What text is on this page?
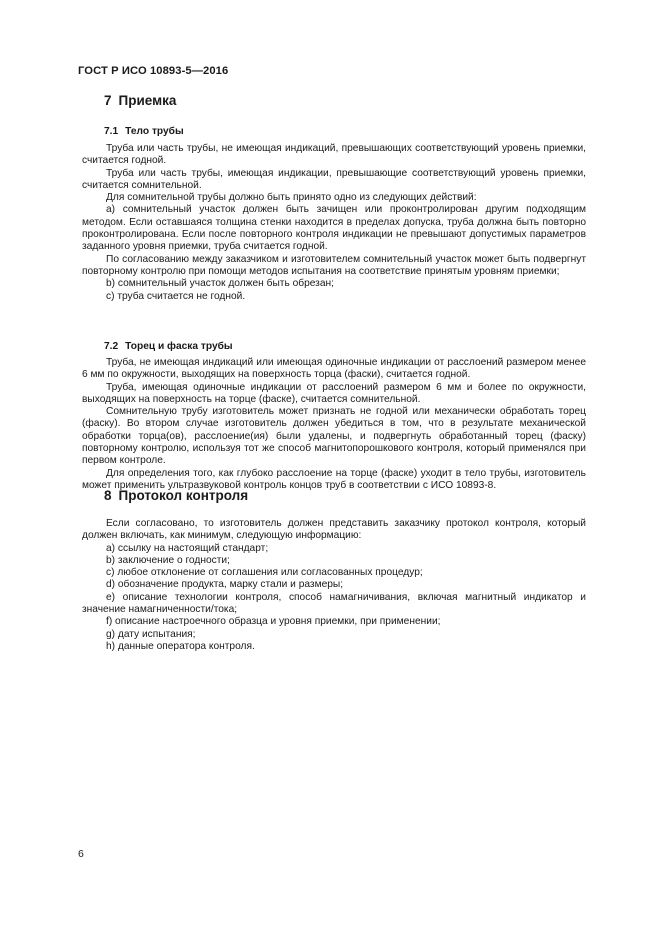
ГОСТ Р ИСО 10893-5—2016
7 Приемка
7.1 Тело трубы

Труба или часть трубы, не имеющая индикаций, превышающих соответствующий уровень приемки, считается годной.

Труба или часть трубы, имеющая индикации, превышающие соответствующий уровень приемки, считается сомнительной.

Для сомнительной трубы должно быть принято одно из следующих действий:

a) сомнительный участок должен быть зачищен или проконтролирован другим подходящим методом. Если оставшаяся толщина стенки находится в пределах допуска, труба должна быть повторно проконтролирована. Если после повторного контроля индикации не превышают допустимых параметров заданного уровня приемки, труба считается годной.

По согласованию между заказчиком и изготовителем сомнительный участок может быть подвергнут повторному контролю при помощи методов испытания на соответствие принятым уровням приемки;

b) сомнительный участок должен быть обрезан;

c) труба считается не годной.

7.2 Торец и фаска трубы

Труба, не имеющая индикаций или имеющая одиночные индикации от расслоений размером менее 6 мм по окружности, выходящих на поверхность торца (фаски), считается годной.

Труба, имеющая одиночные индикации от расслоений размером 6 мм и более по окружности, выходящих на поверхность на торце (фаске), считается сомнительной.

Сомнительную трубу изготовитель может признать не годной или механически обработать торец (фаску). Во втором случае изготовитель должен убедиться в том, что в результате механической обработки торца(ов), расслоение(ия) были удалены, и подвергнуть обработанный торец (фаску) повторному контролю, используя тот же способ магнитопорошкового контроля, который применялся при первом контроле.

Для определения того, как глубоко расслоение на торце (фаске) уходит в тело трубы, изготовитель может применить ультразвуковой контроль концов труб в соответствии с ИСО 10893-8.

8 Протокол контроля

Если согласовано, то изготовитель должен представить заказчику протокол контроля, который должен включать, как минимум, следующую информацию:

a) ссылку на настоящий стандарт;

b) заключение о годности;

c) любое отклонение от соглашения или согласованных процедур;

d) обозначение продукта, марку стали и размеры;

e) описание технологии контроля, способ намагничивания, включая магнитный индикатор и значение намагниченности/тока;

f) описание настроечного образца и уровня приемки, при применении;

g) дату испытания;

h) данные оператора контроля.

6
